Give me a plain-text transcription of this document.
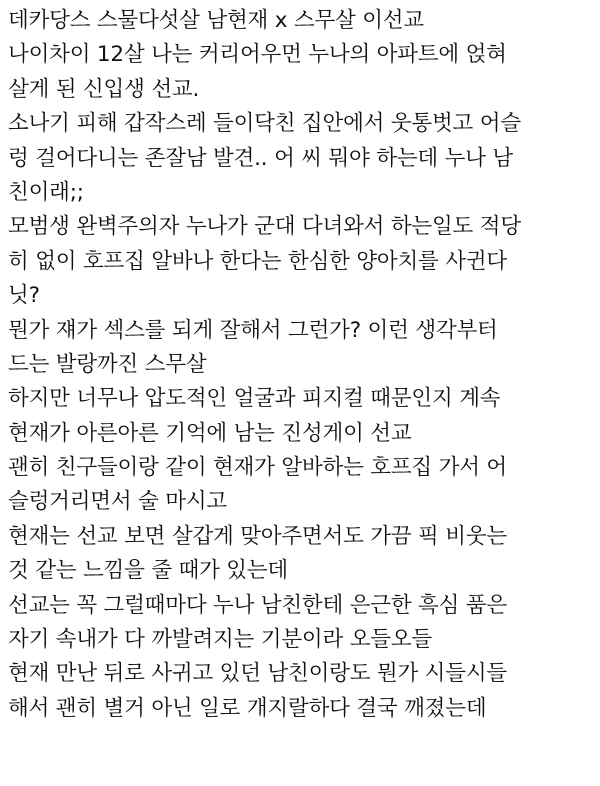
데카당스 스물다섯살 남현재 x 스무살 이선교
나이차이 12살 나는 커리어우먼 누나의 아파트에 얹혀
살게 된 신입생 선교.
소나기 피해 갑작스레 들이닥친 집안에서 웃통벗고 어슬
렁 걸어다니는 존잘남 발견.. 어 씨 뭐야 하는데 누나 남
친이래;;
모범생 완벽주의자 누나가 군대 다녀와서 하는일도 적당
히 없이 호프집 알바나 한다는 한심한 양아치를 사귄다
닛?
뭔가 쟤가 섹스를 되게 잘해서 그런가? 이런 생각부터
드는 발랑까진 스무살
하지만 너무나 압도적인 얼굴과 피지컬 때문인지 계속
현재가 아른아른 기억에 남는 진성게이 선교
괜히 친구들이랑 같이 현재가 알바하는 호프집 가서 어
슬렁거리면서 술 마시고
현재는 선교 보면 살갑게 맞아주면서도 가끔 픽 비웃는
것 같는 느낌을 줄 때가 있는데
선교는 꼭 그럴때마다 누나 남친한테 은근한 흑심 품은
자기 속내가 다 까발려지는 기분이라 오들오들
현재 만난 뒤로 사귀고 있던 남친이랑도 뭔가 시들시들
해서 괜히 별거 아닌 일로 개지랄하다 결국 깨졌는데
